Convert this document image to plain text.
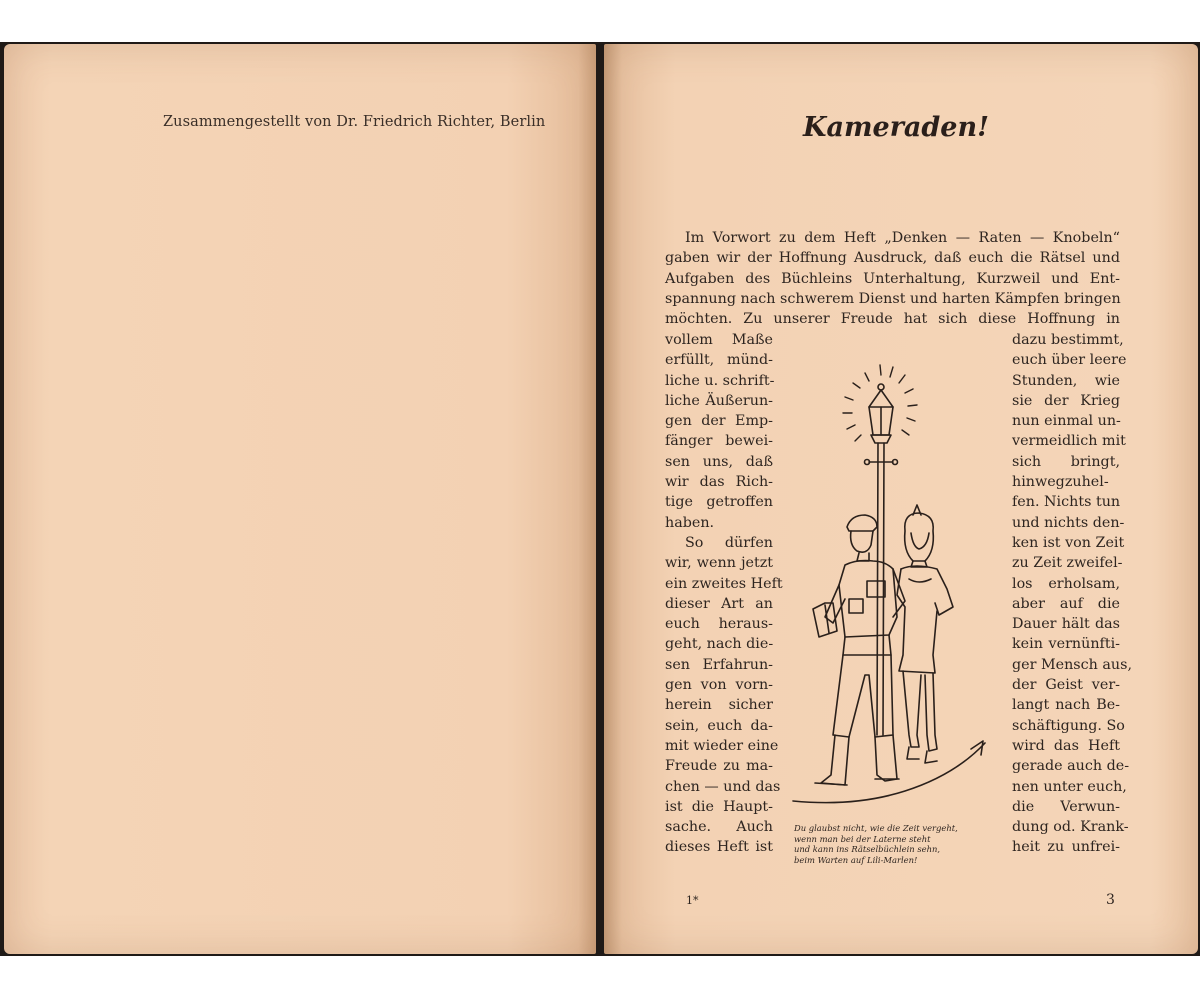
Zusammengestellt von Dr. Friedrich Richter, Berlin	Kameraden!
Im Vorwort zu dem Heft „Denken — Raten — Knobeln“
gaben wir der Hoffnung Ausdruck, daß euch die Rätsel und
Aufgaben des Büchleins Unterhaltung, Kurzweil und Ent-
spannung nach schwerem Dienst und harten Kämpfen bringen
möchten. Zu unserer Freude hat sich diese Hoffnung in
vollem Maße
erfüllt, münd-
liche u. schrift-
liche Äußerun-
gen der Emp-
fänger bewei-
sen uns, daß
wir das Rich-
tige getroffen
haben.
So dürfen
wir, wenn jetzt
ein zweites Heft
dieser Art an
euch heraus-
geht, nach die-
sen Erfahrun-
gen von vorn-
herein sicher
sein, euch da-
mit wieder eine
Freude zu ma-
chen — und das
ist die Haupt-
sache. Auch
dieses Heft ist
dazu bestimmt,
euch über leere
Stunden, wie
sie der Krieg
nun einmal un-
vermeidlich mit
sich bringt,
hinwegzuhel-
fen. Nichts tun
und nichts den-
ken ist von Zeit
zu Zeit zweifel-
los erholsam,
aber auf die
Dauer hält das
kein vernünfti-
ger Mensch aus,
der Geist ver-
langt nach Be-
schäftigung. So
wird das Heft
gerade auch de-
nen unter euch,
die Verwun-
dung od. Krank-
heit zu unfrei-
Du glaubst nicht, wie die Zeit vergeht,
wenn man bei der Laterne steht
und kann ins Rätselbüchlein sehn,
beim Warten auf Lili-Marlen!
1*	3
